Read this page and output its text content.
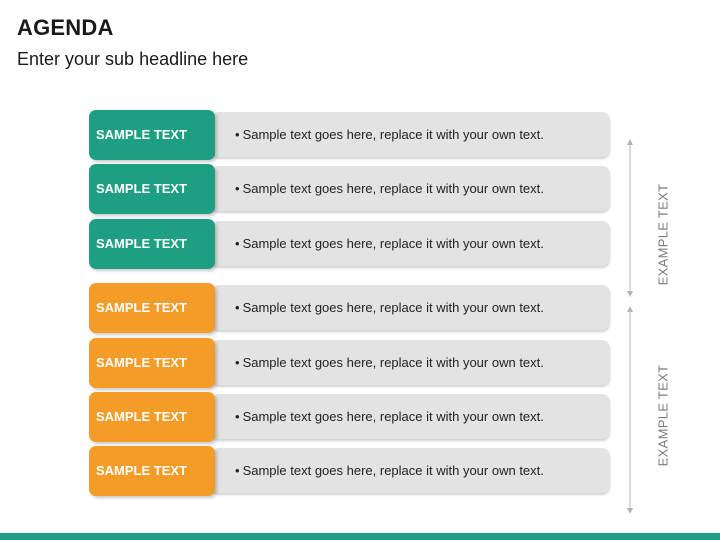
AGENDA
Enter your sub headline here
SAMPLE TEXT	• Sample text goes here, replace it with your own text.
SAMPLE TEXT	• Sample text goes here, replace it with your own text.
SAMPLE TEXT	• Sample text goes here, replace it with your own text.
SAMPLE TEXT	• Sample text goes here, replace it with your own text.
SAMPLE TEXT	• Sample text goes here, replace it with your own text.
SAMPLE TEXT	• Sample text goes here, replace it with your own text.
SAMPLE TEXT	• Sample text goes here, replace it with your own text.
EXAMPLE TEXT
EXAMPLE TEXT
